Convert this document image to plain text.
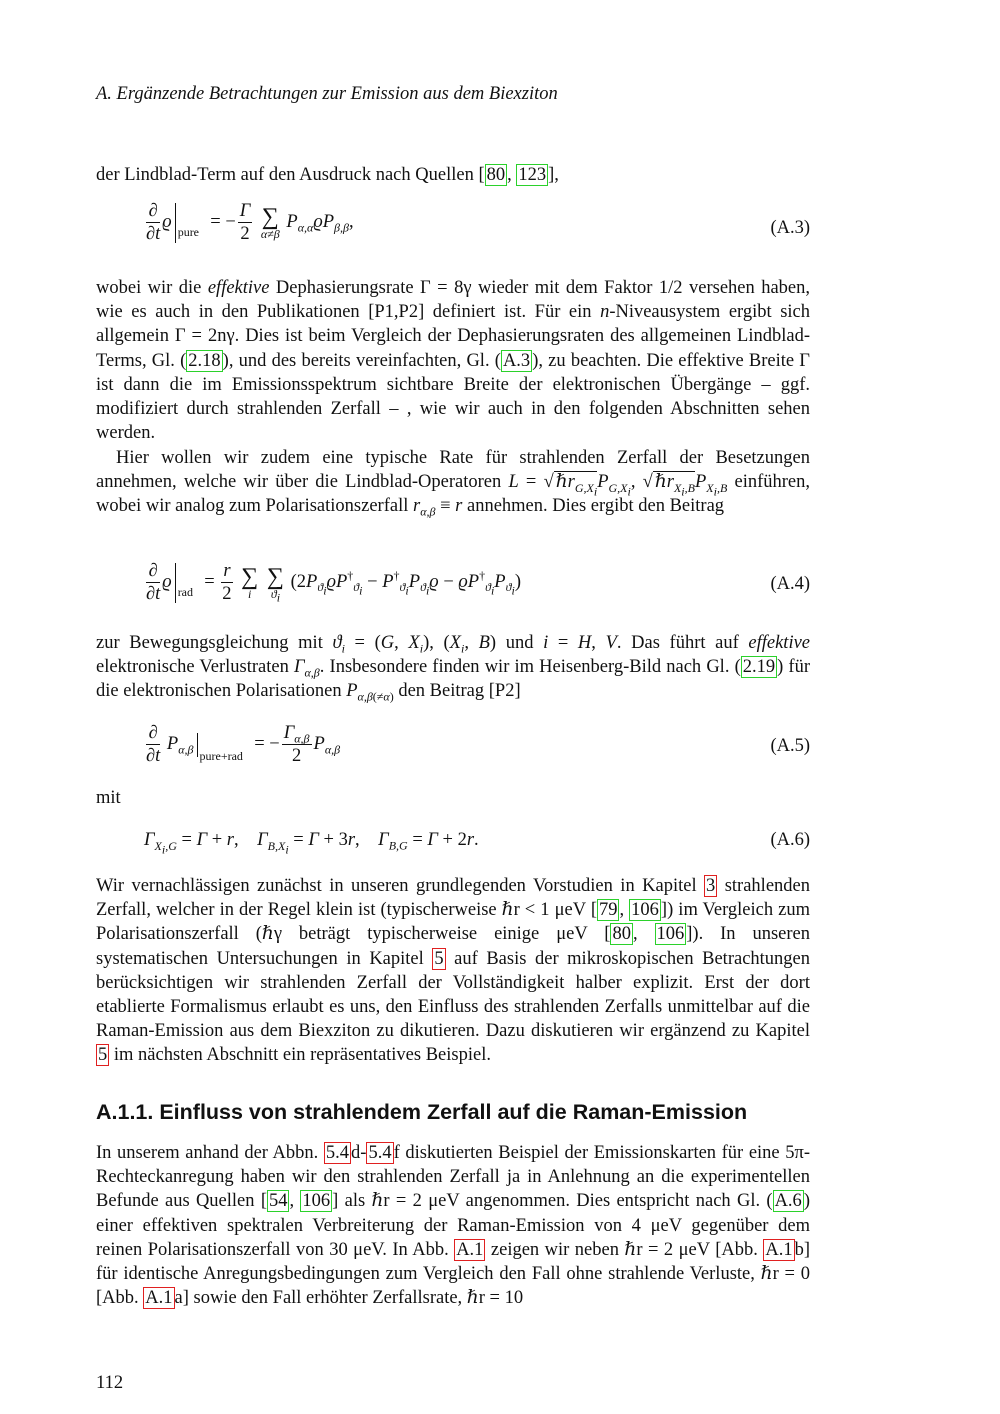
A. Ergänzende Betrachtungen zur Emission aus dem Biexziton
der Lindblad-Term auf den Ausdruck nach Quellen [ 80 , 123 ],
$\frac{\partial}{\partial t} ϱ_{pure}$  = − $\frac{\Gamma}{2}$
∑
α≠β
$P_{\alpha,\alpha}ϱP_{\beta,\beta}$,	(A.3)
wobei wir die effektive Dephasierungsrate Γ = 8γ wieder mit dem Faktor 1/2 versehen haben, wie es auch in den Publikationen [P1,P2] definiert ist. Für ein n-Niveausystem ergibt sich allgemein Γ = 2nγ. Dies ist beim Vergleich der Dephasierungsraten des allgemeinen Lindblad-Terms, Gl. ( 2.18 ), und des bereits vereinfachten, Gl. ( A.3 ), zu beachten. Die effektive Breite Γ ist dann die im Emissionsspektrum sichtbare Breite der elektronischen Übergänge – ggf. modifiziert durch strahlenden Zerfall – , wie wir auch in den folgenden Abschnitten sehen werden.
Hier wollen wir zudem eine typische Rate für strahlenden Zerfall der Besetzungen annehmen, welche wir über die Lindblad-Operatoren L = √ $\hbar r_{G,X_i}P_{G,X_i}$, √ $\hbar r_{X_i,B}P_{X_i,B}$ einführen, wobei wir analog zum Polarisationszerfall $r_{\alpha,\beta} \equiv r$ annehmen. Dies ergibt den Beitrag
$\frac{\partial}{\partial t} ϱ_{rad} = \frac{r}{2}$
∑
i

∑
$ϑ_i$
$(2P_{ϑ_i}ϱP^\dagger_{ϑ_i} - P^\dagger_{ϑ_i}P_{ϑ_i}ϱ - ϱP^\dagger_{ϑ_i}P_{ϑ_i})$	(A.4)
zur Bewegungsgleichung mit $ϑ_i = (G$, $X_i$), ($X_i$, B) und i = H, V. Das führt auf effektive elektronische Verlustraten $\Gamma_{\alpha,\beta}$. Insbesondere finden wir im Heisenberg-Bild nach Gl. ( 2.19 ) für die elektronischen Polarisationen $P_{\alpha,\beta(\ne\alpha)}$ den Beitrag [P2]
$\frac{\partial}{\partial t} P_{\alpha,\beta}$ $_{pure+rad}$  = − $\frac{\Gamma_{\alpha,\beta}}{2} P_{\alpha,\beta}$	(A.5)
mit
$\Gamma_{X_i,G} = \Gamma + r$,    $\Gamma_{B,X_i} = \Gamma + 3r$,    $\Gamma_{B,G} = \Gamma + 2r$.	(A.6)
Wir vernachlässigen zunächst in unseren grundlegenden Vorstudien in Kapitel 3 strahlenden Zerfall, welcher in der Regel klein ist (typischerweise ℏr < 1 μeV [ 79 , 106 ]) im Vergleich zum Polarisationszerfall (ℏγ beträgt typischerweise einige μeV [ 80 , 106 ]). In unseren systematischen Untersuchungen in Kapitel 5 auf Basis der mikroskopischen Betrachtungen berücksichtigen wir strahlenden Zerfall der Vollständigkeit halber explizit. Erst der dort etablierte Formalismus erlaubt es uns, den Einfluss des strahlenden Zerfalls unmittelbar auf die Raman-Emission aus dem Biexziton zu dikutieren. Dazu diskutieren wir ergänzend zu Kapitel 5 im nächsten Abschnitt ein repräsentatives Beispiel.
A.1.1. Einfluss von strahlendem Zerfall auf die Raman-Emission
In unserem anhand der Abbn. 5.4 d- 5.4 f diskutierten Beispiel der Emissionskarten für eine 5π-Rechteckanregung haben wir den strahlenden Zerfall ja in Anlehnung an die experimentellen Befunde aus Quellen [ 54 , 106 ] als ℏr = 2 μeV angenommen. Dies entspricht nach Gl. ( A.6 ) einer effektiven spektralen Verbreiterung der Raman-Emission von 4 μeV gegenüber dem reinen Polarisationszerfall von 30 μeV. In Abb. A.1 zeigen wir neben ℏr = 2 μeV [Abb. A.1 b] für identische Anregungsbedingungen zum Vergleich den Fall ohne strahlende Verluste, ℏr = 0 [Abb. A.1 a] sowie den Fall erhöhter Zerfallsrate, ℏr = 10
112
